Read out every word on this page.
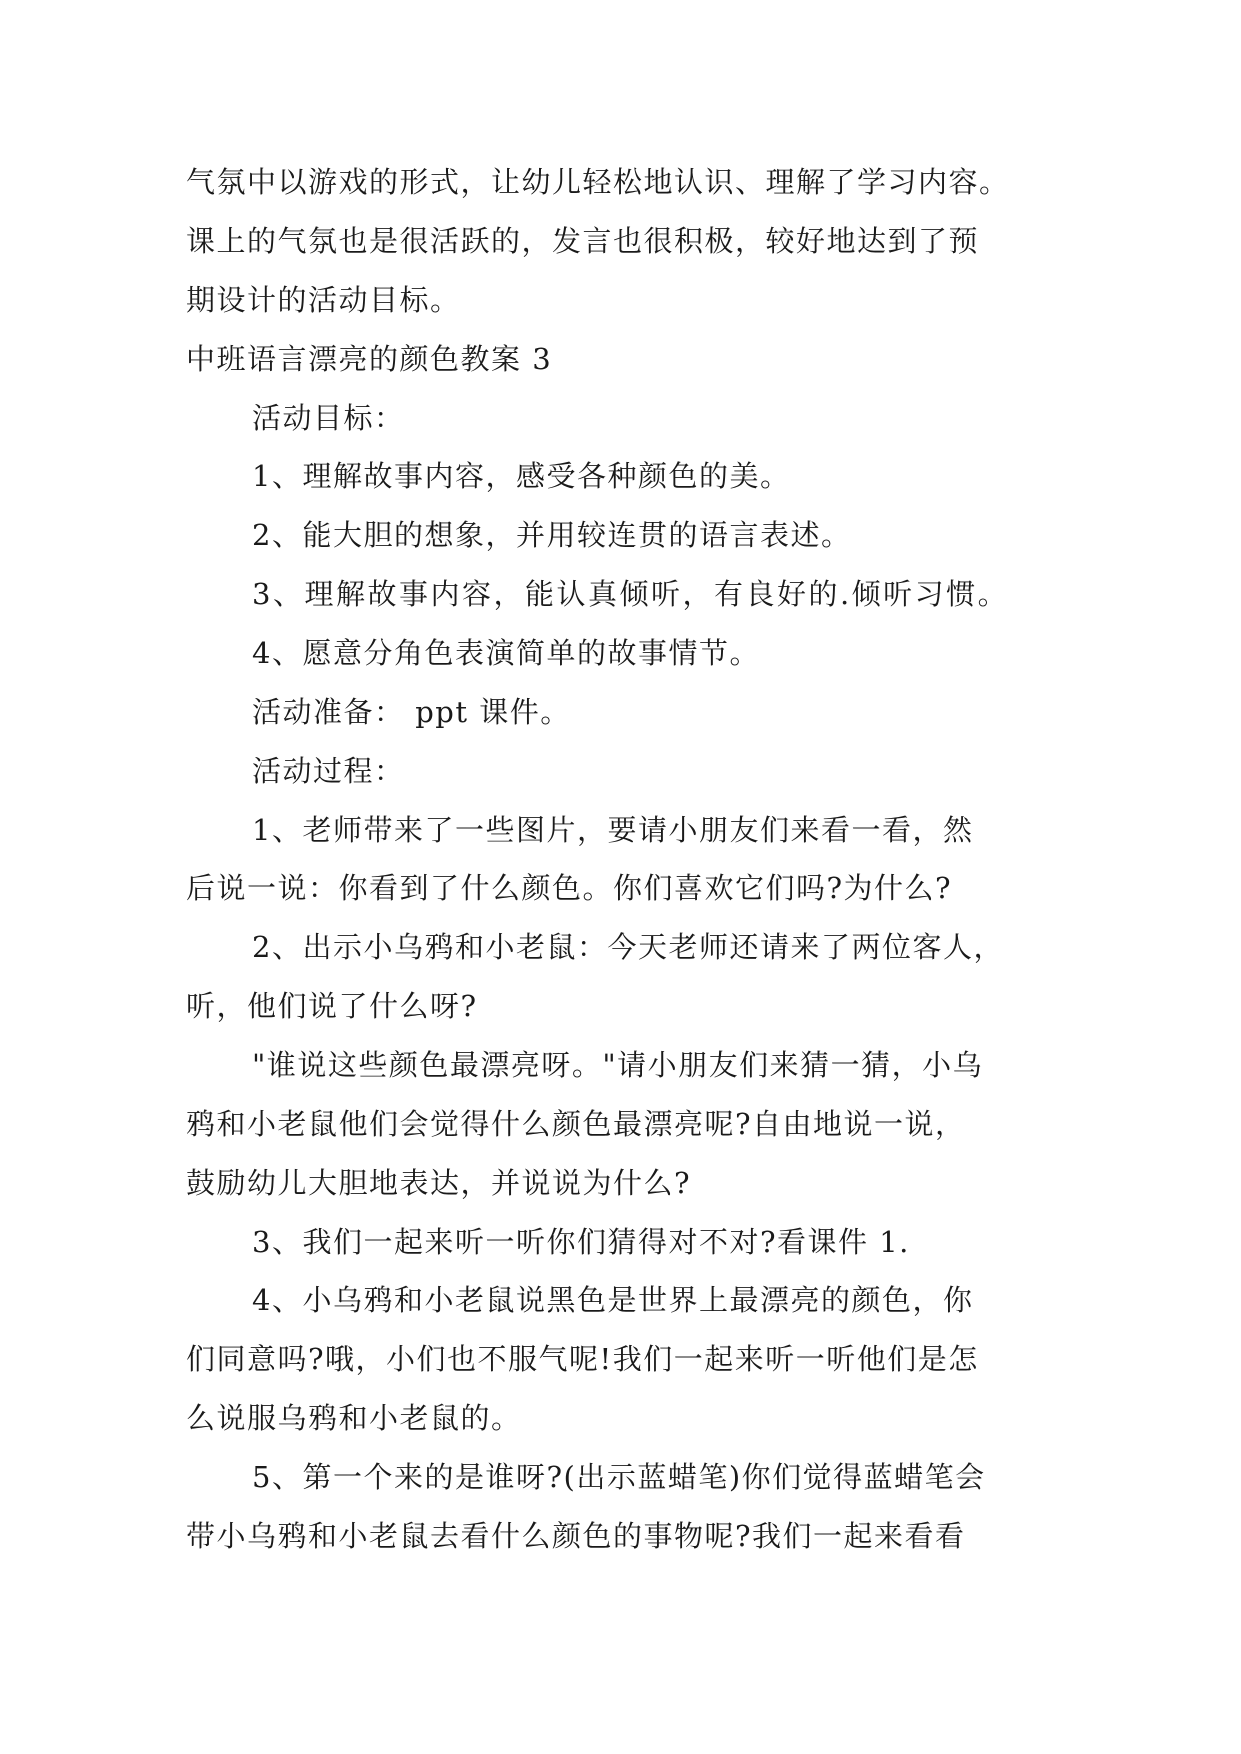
气氛中以游戏的形式，让幼儿轻松地认识、理解了学习内容。
课上的气氛也是很活跃的，发言也很积极，较好地达到了预
期设计的活动目标。
中班语言漂亮的颜色教案 3
活动目标：
1、理解故事内容，感受各种颜色的美。
2、能大胆的想象，并用较连贯的语言表述。
3、理解故事内容，能认真倾听，有良好的.倾听习惯。
4、愿意分角色表演简单的故事情节。
活动准备： ppt 课件。
活动过程：
1、老师带来了一些图片，要请小朋友们来看一看，然
后说一说：你看到了什么颜色。你们喜欢它们吗?为什么?
2、出示小乌鸦和小老鼠：今天老师还请来了两位客人，
听，他们说了什么呀?
"谁说这些颜色最漂亮呀。"请小朋友们来猜一猜，小乌
鸦和小老鼠他们会觉得什么颜色最漂亮呢?自由地说一说，
鼓励幼儿大胆地表达，并说说为什么?
3、我们一起来听一听你们猜得对不对?看课件 1.
4、小乌鸦和小老鼠说黑色是世界上最漂亮的颜色，你
们同意吗?哦，小们也不服气呢!我们一起来听一听他们是怎
么说服乌鸦和小老鼠的。
5、第一个来的是谁呀?(出示蓝蜡笔)你们觉得蓝蜡笔会
带小乌鸦和小老鼠去看什么颜色的事物呢?我们一起来看看
